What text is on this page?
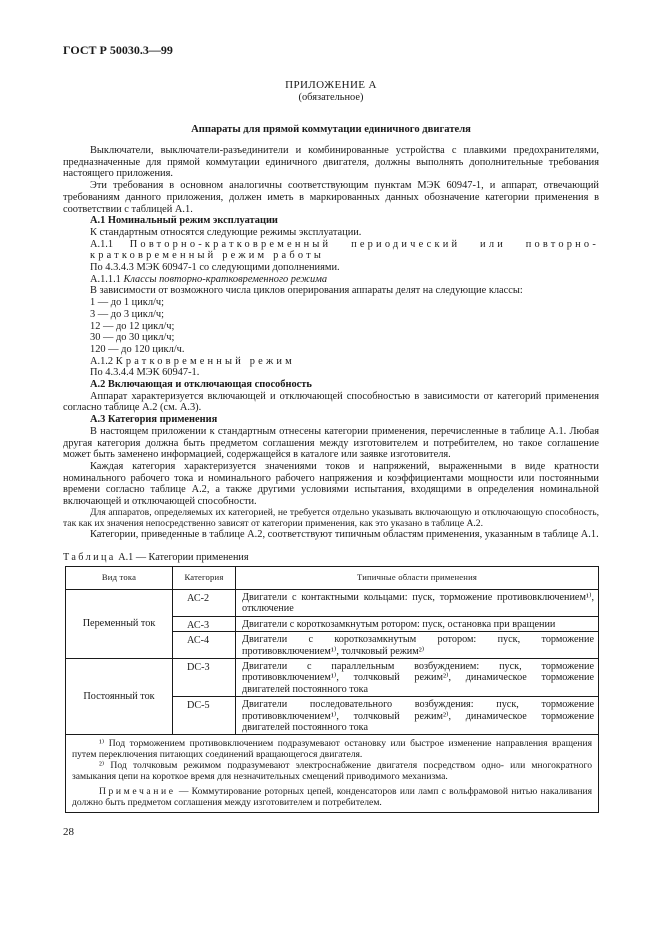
ГОСТ Р 50030.3—99
ПРИЛОЖЕНИЕ А
(обязательное)
Аппараты для прямой коммутации единичного двигателя

Выключатели, выключатели-разъединители и комбинированные устройства с плавкими предохранителями, предназначенные для прямой коммутации единичного двигателя, должны выполнять дополнительные требования настоящего приложения.

Эти требования в основном аналогичны соответствующим пунктам МЭК 60947-1, и аппарат, отвечающий требованиям данного приложения, должен иметь в маркированных данных обозначение категории применения в соответствии с таблицей А.1.

А.1 Номинальный режим эксплуатации

К стандартным относятся следующие режимы эксплуатации.

А.1.1 Повторно-кратковременный периодический или повторно-кратковременный режим работы

По 4.3.4.3 МЭК 60947-1 со следующими дополнениями.

А.1.1.1 Классы повторно-кратковременного режима

В зависимости от возможного числа циклов оперирования аппараты делят на следующие классы:

1 — до 1 цикл/ч;

3 — до 3 цикл/ч;

12 — до 12 цикл/ч;

30 — до 30 цикл/ч;

120 — до 120 цикл/ч.

А.1.2 Кратковременный режим

По 4.3.4.4 МЭК 60947-1.

А.2 Включающая и отключающая способность

Аппарат характеризуется включающей и отключающей способностью в зависимости от категорий применения согласно таблице А.2 (см. А.3).

А.3 Категория применения

В настоящем приложении к стандартным отнесены категории применения, перечисленные в таблице А.1. Любая другая категория должна быть предметом соглашения между изготовителем и потребителем, но такое соглашение может быть заменено информацией, содержащейся в каталоге или заявке изготовителя.

Каждая категория характеризуется значениями токов и напряжений, выраженными в виде кратности номинального рабочего тока и номинального рабочего напряжения и коэффициентами мощности или постоянными времени согласно таблице А.2, а также другими условиями испытания, входящими в определения номинальной включающей и отключающей способности.

Для аппаратов, определяемых их категорией, не требуется отдельно указывать включающую и отключающую способность, так как их значения непосредственно зависят от категории применения, как это указано в таблице А.2.

Категории, приведенные в таблице А.2, соответствуют типичным областям применения, указанным в таблице А.1.

Таблица А.1 — Категории применения
Вид тока	Категория	Типичные области применения
Переменный ток	АС-2	Двигатели с контактными кольцами: пуск, торможение противовключением¹⁾, отключение
	АС-3	Двигатели с короткозамкнутым ротором: пуск, остановка при вращении
	АС-4	Двигатели с короткозамкнутым ротором: пуск, торможение противовключением¹⁾, толчковый режим²⁾
Постоянный ток	DС-3	Двигатели с параллельным возбуждением: пуск, торможение противовключением¹⁾, толчковый режим²⁾, динамическое торможение двигателей постоянного тока
	DС-5	Двигатели последовательного возбуждения: пуск, торможение противовключением¹⁾, толчковый режим²⁾, динамическое торможение двигателей постоянного тока

¹⁾ Под торможением противовключением подразумевают остановку или быстрое изменение направления вращения путем переключения питающих соединений вращающегося двигателя.

²⁾ Под толчковым режимом подразумевают электроснабжение двигателя посредством одно- или многократного замыкания цепи на короткое время для незначительных смещений приводимого механизма.

Примечание — Коммутирование роторных цепей, конденсаторов или ламп с вольфрамовой нитью накаливания должно быть предметом соглашения между изготовителем и потребителем.		

28
